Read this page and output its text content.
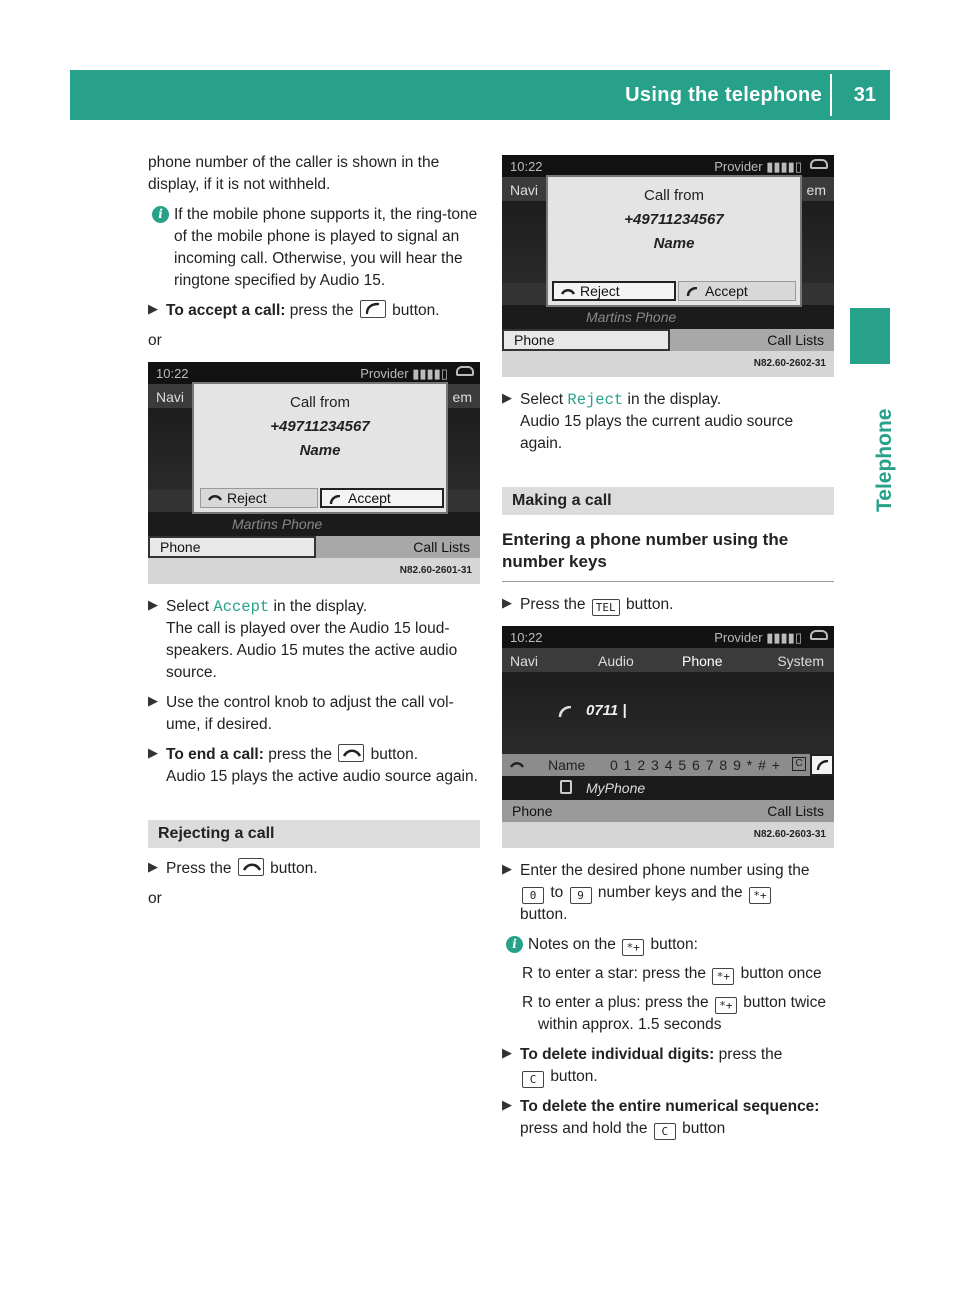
Using the telephone 31
Telephone

phone number of the caller is shown in the display, if it is not withheld.

i If the mobile phone supports it, the ring-tone of the mobile phone is played to signal an incoming call. Otherwise, you will hear the ringtone specified by Audio 15.
▶ To accept a call: press the button.

or

10:22	Provider ▮▮▮▮▯
Navi	em
Martins Phone
Phone	Call Lists
N82.60-2601-31
Call from
+49711234567
Name
Reject	Accept
▶ Select Accept in the display.
The call is played over the Audio 15 loud-speakers. Audio 15 mutes the active audio source.
▶ Use the control knob to adjust the call vol-ume, if desired.
▶ To end a call: press the button.
Audio 15 plays the active audio source again.
Rejecting a call
▶ Press the button.

or

10:22	Provider ▮▮▮▮▯
Navi	em
Martins Phone
Phone	Call Lists
N82.60-2602-31
Call from
+49711234567
Name
Reject	Accept
▶ Select Reject in the display.
Audio 15 plays the current audio source again.
Making a call
Entering a phone number using the number keys
▶ Press the TEL button.
10:22	Provider ▮▮▮▮▯
Navi	Audio	Phone	System
0711 |
Name 0 1 2 3 4 5 6 7 8 9 * # +	C
MyPhone
Phone	Call Lists
N82.60-2603-31
▶ Enter the desired phone number using the
0 to 9 number keys and the *+
button.
i Notes on the *+ button:
R to enter a star: press the *+ button once
R to enter a plus: press the *+ button twice within approx. 1.5 seconds
▶ To delete individual digits: press the
C button.
▶ To delete the entire numerical sequence: press and hold the C button
